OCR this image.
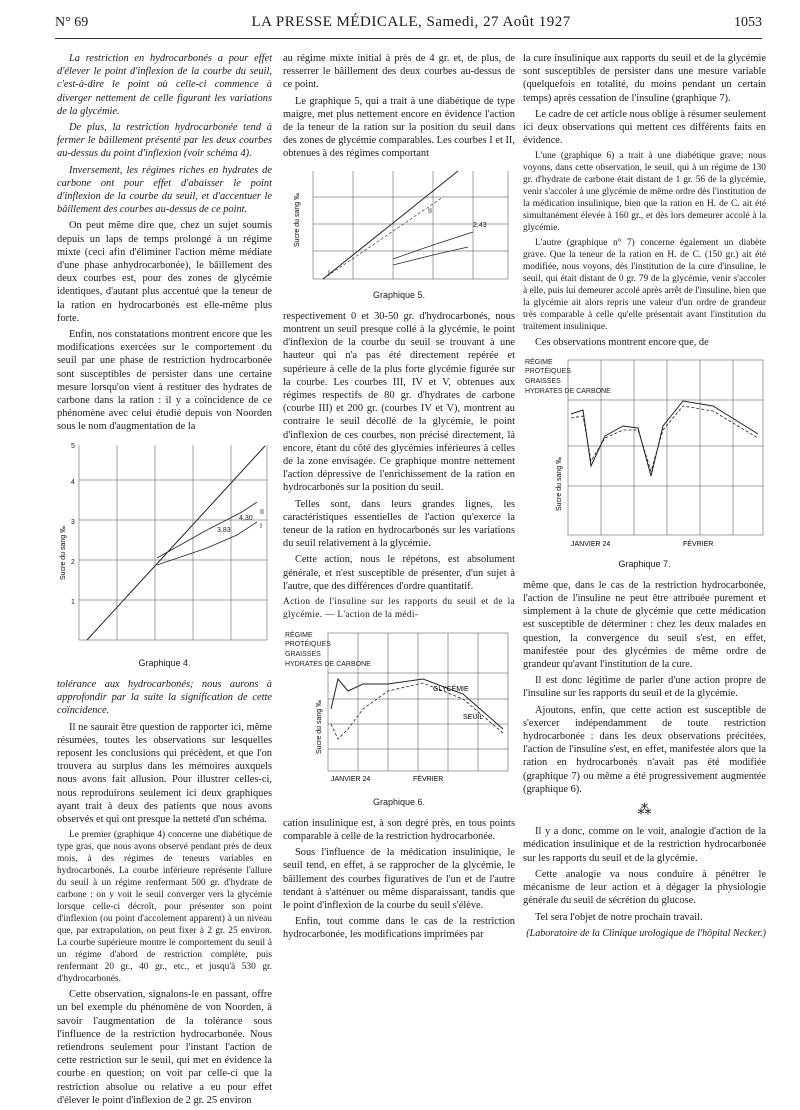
N° 69	LA PRESSE MÉDICALE, Samedi, 27 Août 1927	1053

La restriction en hydrocarbonés a pour effet d'élever le point d'inflexion de la courbe du seuil, c'est-à-dire le point où celle-ci commence à diverger nettement de celle figurant les variations de la glycémie.

De plus, la restriction hydrocarbonée tend à fermer le bâillement présenté par les deux courbes au-dessus du point d'inflexion (voir schéma 4).

Inversement, les régimes riches en hydrates de carbone ont pour effet d'abaisser le point d'inflexion de la courbe du seuil, et d'accentuer le bâillement des courbes au-dessus de ce point.

On peut même dire que, chez un sujet soumis depuis un laps de temps prolongé à un régime mixte (ceci afin d'éliminer l'action même médiate d'une phase anhydrocarbonée), le bâillement des deux courbes est, pour des zones de glycémie identiques, d'autant plus accentué que la teneur de la ration en hydrocarbonés est elle-même plus forte.

Enfin, nos constatations montrent encore que les modifications exercées sur le comportement du seuil par une phase de restriction hydrocarbonée sont susceptibles de persister dans une certaine mesure lorsqu'on vient à restituer des hydrates de carbone dans la ration : il y a coïncidence de ce phénomène avec celui étudié depuis von Noorden sous le nom d'augmentation de la

5
4
3
2
1
4,30
3,83
II
I
Sucre du sang ‰
Graphique 4.

tolérance aux hydrocarbonés; nous aurons à approfondir par la suite la signification de cette coïncidence.

Il ne saurait être question de rapporter ici, même résumées, toutes les observations sur lesquelles reposent les conclusions qui précèdent, et que l'on trouvera au surplus dans les mémoires auxquels nous avons fait allusion. Pour illustrer celles-ci, nous reproduirons seulement ici deux graphiques ayant trait à deux des patients que nous avons observés et qui ont presque la netteté d'un schéma.

Le premier (graphique 4) concerne une diabétique de type gras, que nous avons observé pendant près de deux mois, à des régimes de teneurs variables en hydrocarbonés. La courbe inférieure représente l'allure du seuil à un régime renfermant 500 gr. d'hydrate de carbone : on y voit le seuil converger vers la glycémie lorsque celle-ci décroît, pour présenter son point d'inflexion (ou point d'accolement apparent) à un niveau que, par extrapolation, on peut fixer à 2 gr. 25 environ. La courbe supérieure montre le comportement du seuil à un régime d'abord de restriction complète, puis renfermant 20 gr., 40 gr., etc., et jusqu'à 530 gr. d'hydrocarbonés.

Cette observation, signalons-le en passant, offre un bel exemple du phénomène de von Noorden, à savoir l'augmentation de la tolérance sous l'influence de la restriction hydrocarbonée. Nous retiendrons seulement pour l'instant l'action de cette restriction sur le seuil, qui met en évidence la courbe en question; on voit par celle-ci que la restriction absolue ou relative a eu pour effet d'élever le point d'inflexion de 2 gr. 25 environ

au régime mixte initial à près de 4 gr. et, de plus, de resserrer le bâillement des deux courbes au-dessus de ce point.

Le graphique 5, qui a trait à une diabétique de type maigre, met plus nettement encore en évidence l'action de la teneur de la ration sur la position du seuil dans des zones de glycémie comparables. Les courbes I et II, obtenues à des régimes comportant

2,43
II
I
Sucre du sang ‰
Graphique 5.

respectivement 0 et 30-50 gr. d'hydrocarbonés, nous montrent un seuil presque collé à la glycémie, le point d'inflexion de la courbe du seuil se trouvant à une hauteur qui n'a pas été directement repérée et supérieure à celle de la plus forte glycémie figurée sur la courbe. Les courbes III, IV et V, obtenues aux régimes respectifs de 80 gr. d'hydrates de carbone (courbe III) et 200 gr. (courbes IV et V), montrent au contraire le seuil décollé de la glycémie, le point d'inflexion de ces courbes, non précisé directement, là encore, étant du côté des glycémies inférieures à celles de la zone envisagée. Ce graphique montre nettement l'action dépressive de l'enrichissement de la ration en hydrocarbonés sur la position du seuil.

Telles sont, dans leurs grandes lignes, les caractéristiques essentielles de l'action qu'exerce la teneur de la ration en hydrocarbonés sur les variations du seuil relativement à la glycémie.

Cette action, nous le répétons, est absolument générale, et n'est susceptible de présenter, d'un sujet à l'autre, que des différences d'ordre quantitatif.

Action de l'insuline sur les rapports du seuil et de la glycémie. — L'action de la médi-

RÉGIME
PROTÉIQUES
GRAISSES
HYDRATES DE CARBONE
GLYCÉMIE
SEUIL
JANVIER 24	FÉVRIER
Sucre du sang ‰
Graphique 6.

cation insulinique est, à son degré près, en tous points comparable à celle de la restriction hydrocarbonée.

Sous l'influence de la médication insulinique, le seuil tend, en effet, à se rapprocher de la glycémie, le bâillement des courbes figuratives de l'un et de l'autre tendant à s'atténuer ou même disparaissant, tandis que le point d'inflexion de la courbe du seuil s'élève.

Enfin, tout comme dans le cas de la restriction hydrocarbonée, les modifications imprimées par

la cure insulinique aux rapports du seuil et de la glycémie sont susceptibles de persister dans une mesure variable (quelquefois en totalité, du moins pendant un certain temps) après cessation de l'insuline (graphique 7).

Le cadre de cet article nous oblige à résumer seulement ici deux observations qui mettent ces différents faits en évidence.

L'une (graphique 6) a trait à une diabétique grave; nous voyons, dans cette observation, le seuil, qui à un régime de 130 gr. d'hydrate de carbone était distant de 1 gr. 56 de la glycémie, venir s'accoler à une glycémie de même ordre dès l'institution de la médication insulinique, bien que la ration en H. de C. ait été simultanément élevée à 160 gr., et dès lors demeurer accolé à la glycémie.

L'autre (graphique n° 7) concerne également un diabète grave. Que la teneur de la ration en H. de C. (150 gr.) ait été modifiée, nous voyons, dès l'institution de la cure d'insuline, le seuil, qui était distant de 0 gr. 79 de la glycémie, venir s'accoler à elle, puis lui demeurer accolé après arrêt de l'insuline, bien que la glycémie ait alors repris une valeur d'un ordre de grandeur très comparable à celle qu'elle présentait avant l'institution du traitement insulinique.

Ces observations montrent encore que, de

RÉGIME
PROTÉIQUES
GRAISSES
HYDRATES DE CARBONE
JANVIER 24	FÉVRIER
Sucre du sang ‰
Graphique 7.

même que, dans le cas de la restriction hydrocarbonée, l'action de l'insuline ne peut être attribuée purement et simplement à la chute de glycémie que cette médication est susceptible de déterminer : chez les deux malades en question, la convergence du seuil s'est, en effet, manifestée pour des glycémies de même ordre de grandeur qu'avant l'institution de la cure.

Il est donc légitime de parler d'une action propre de l'insuline sur les rapports du seuil et de la glycémie.

Ajoutons, enfin, que cette action est susceptible de s'exercer indépendamment de toute restriction hydrocarbonée : dans les deux observations précitées, l'action de l'insuline s'est, en effet, manifestée alors que la ration en hydrocarbonés n'avait pas été modifiée (graphique 7) ou même a été progressivement augmentée (graphique 6).

⁂

Il y a donc, comme on le voit, analogie d'action de la médication insulinique et de la restriction hydrocarbonée sur les rapports du seuil et de la glycémie.

Cette analogie va nous conduire à pénétrer le mécanisme de leur action et à dégager la physiologie générale du seuil de sécrétion du glucose.

Tel sera l'objet de notre prochain travail.

(Laboratoire de la Clinique urologique de l'hôpital Necker.)
